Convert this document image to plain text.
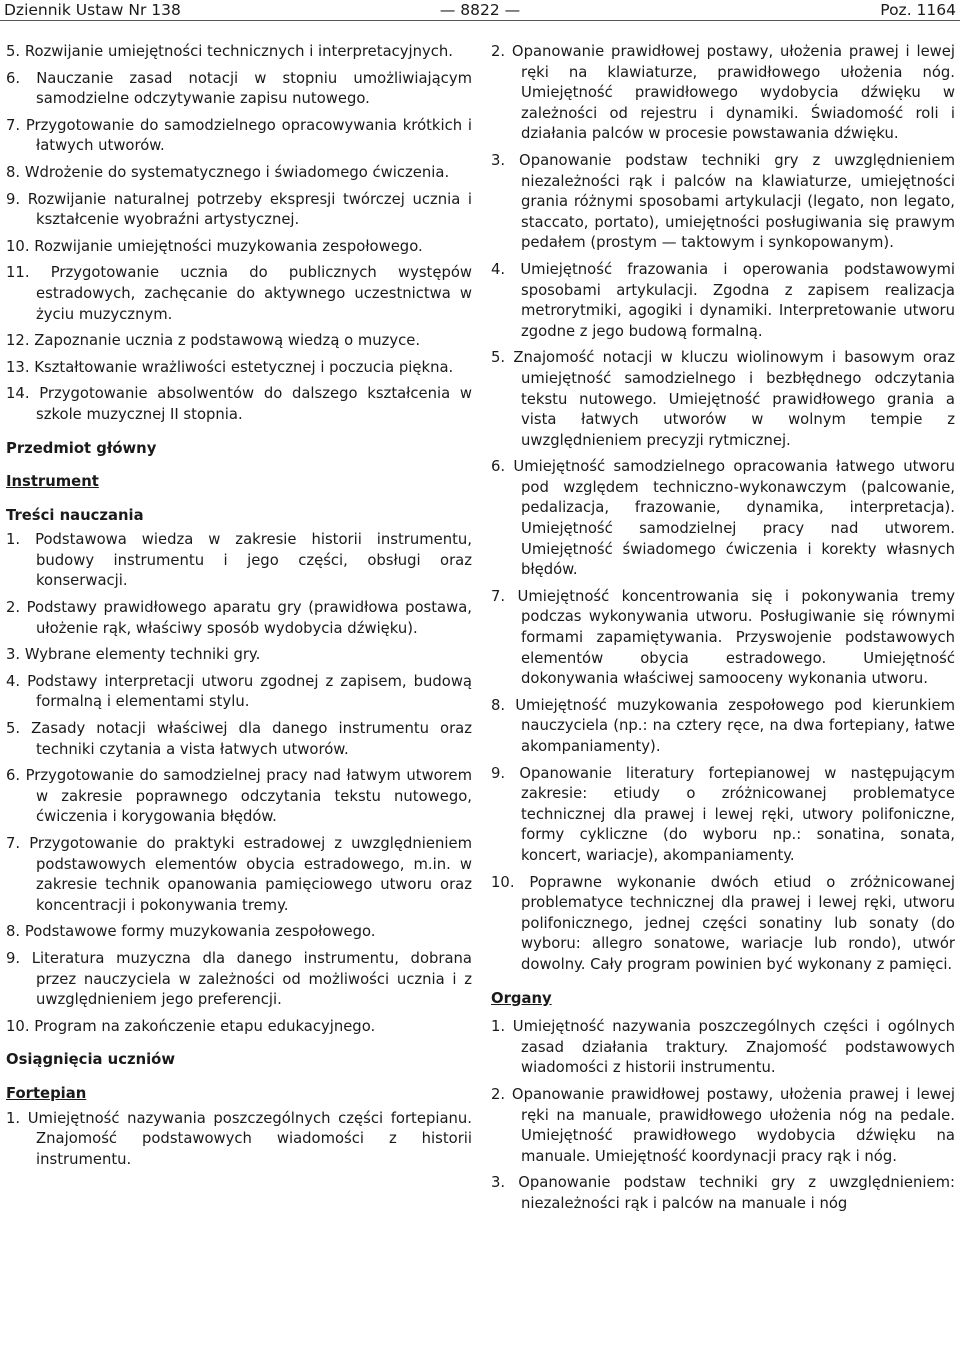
Dziennik Ustaw Nr 138	— 8822 —	Poz. 1164

5. Rozwijanie umiejętności technicznych i interpretacyjnych.

6. Nauczanie zasad notacji w stopniu umożliwiającym samodzielne odczytywanie zapisu nutowego.

7. Przygotowanie do samodzielnego opracowywania krótkich i łatwych utworów.

8. Wdrożenie do systematycznego i świadomego ćwiczenia.

9. Rozwijanie naturalnej potrzeby ekspresji twórczej ucznia i kształcenie wyobraźni artystycznej.

10. Rozwijanie umiejętności muzykowania zespołowego.

11. Przygotowanie ucznia do publicznych występów estradowych, zachęcanie do aktywnego uczestnictwa w życiu muzycznym.

12. Zapoznanie ucznia z podstawową wiedzą o muzyce.

13. Kształtowanie wrażliwości estetycznej i poczucia piękna.

14. Przygotowanie absolwentów do dalszego kształcenia w szkole muzycznej II stopnia.

Przedmiot główny

Instrument

Treści nauczania

1. Podstawowa wiedza w zakresie historii instrumentu, budowy instrumentu i jego części, obsługi oraz konserwacji.

2. Podstawy prawidłowego aparatu gry (prawidłowa postawa, ułożenie rąk, właściwy sposób wydobycia dźwięku).

3. Wybrane elementy techniki gry.

4. Podstawy interpretacji utworu zgodnej z zapisem, budową formalną i elementami stylu.

5. Zasady notacji właściwej dla danego instrumentu oraz techniki czytania a vista łatwych utworów.

6. Przygotowanie do samodzielnej pracy nad łatwym utworem w zakresie poprawnego odczytania tekstu nutowego, ćwiczenia i korygowania błędów.

7. Przygotowanie do praktyki estradowej z uwzględnieniem podstawowych elementów obycia estradowego, m.in. w zakresie technik opanowania pamięciowego utworu oraz koncentracji i pokonywania tremy.

8. Podstawowe formy muzykowania zespołowego.

9. Literatura muzyczna dla danego instrumentu, dobrana przez nauczyciela w zależności od możliwości ucznia i z uwzględnieniem jego preferencji.

10. Program na zakończenie etapu edukacyjnego.

Osiągnięcia uczniów

Fortepian

1. Umiejętność nazywania poszczególnych części fortepianu. Znajomość podstawowych wiadomości z historii instrumentu.

2. Opanowanie prawidłowej postawy, ułożenia prawej i lewej ręki na klawiaturze, prawidłowego ułożenia nóg. Umiejętność prawidłowego wydobycia dźwięku w zależności od rejestru i dynamiki. Świadomość roli i działania palców w procesie powstawania dźwięku.

3. Opanowanie podstaw techniki gry z uwzględnieniem niezależności rąk i palców na klawiaturze, umiejętności grania różnymi sposobami artykulacji (legato, non legato, staccato, portato), umiejętności posługiwania się prawym pedałem (prostym — taktowym i synkopowanym).

4. Umiejętność frazowania i operowania podstawowymi sposobami artykulacji. Zgodna z zapisem realizacja metrorytmiki, agogiki i dynamiki. Interpretowanie utworu zgodne z jego budową formalną.

5. Znajomość notacji w kluczu wiolinowym i basowym oraz umiejętność samodzielnego i bezbłędnego odczytania tekstu nutowego. Umiejętność prawidłowego grania a vista łatwych utworów w wolnym tempie z uwzględnieniem precyzji rytmicznej.

6. Umiejętność samodzielnego opracowania łatwego utworu pod względem techniczno-wykonawczym (palcowanie, pedalizacja, frazowanie, dynamika, interpretacja). Umiejętność samodzielnej pracy nad utworem. Umiejętność świadomego ćwiczenia i korekty własnych błędów.

7. Umiejętność koncentrowania się i pokonywania tremy podczas wykonywania utworu. Posługiwanie się równymi formami zapamiętywania. Przyswojenie podstawowych elementów obycia estradowego. Umiejętność dokonywania właściwej samooceny wykonania utworu.

8. Umiejętność muzykowania zespołowego pod kierunkiem nauczyciela (np.: na cztery ręce, na dwa fortepiany, łatwe akompaniamenty).

9. Opanowanie literatury fortepianowej w następującym zakresie: etiudy o zróżnicowanej problematyce technicznej dla prawej i lewej ręki, utwory polifoniczne, formy cykliczne (do wyboru np.: sonatina, sonata, koncert, wariacje), akompaniamenty.

10. Poprawne wykonanie dwóch etiud o zróżnicowanej problematyce technicznej dla prawej i lewej ręki, utworu polifonicznego, jednej części sonatiny lub sonaty (do wyboru: allegro sonatowe, wariacje lub rondo), utwór dowolny. Cały program powinien być wykonany z pamięci.

Organy

1. Umiejętność nazywania poszczególnych części i ogólnych zasad działania traktury. Znajomość podstawowych wiadomości z historii instrumentu.

2. Opanowanie prawidłowej postawy, ułożenia prawej i lewej ręki na manuale, prawidłowego ułożenia nóg na pedale. Umiejętność prawidłowego wydobycia dźwięku na manuale. Umiejętność koordynacji pracy rąk i nóg.

3. Opanowanie podstaw techniki gry z uwzględnieniem: niezależności rąk i palców na manuale i nóg
